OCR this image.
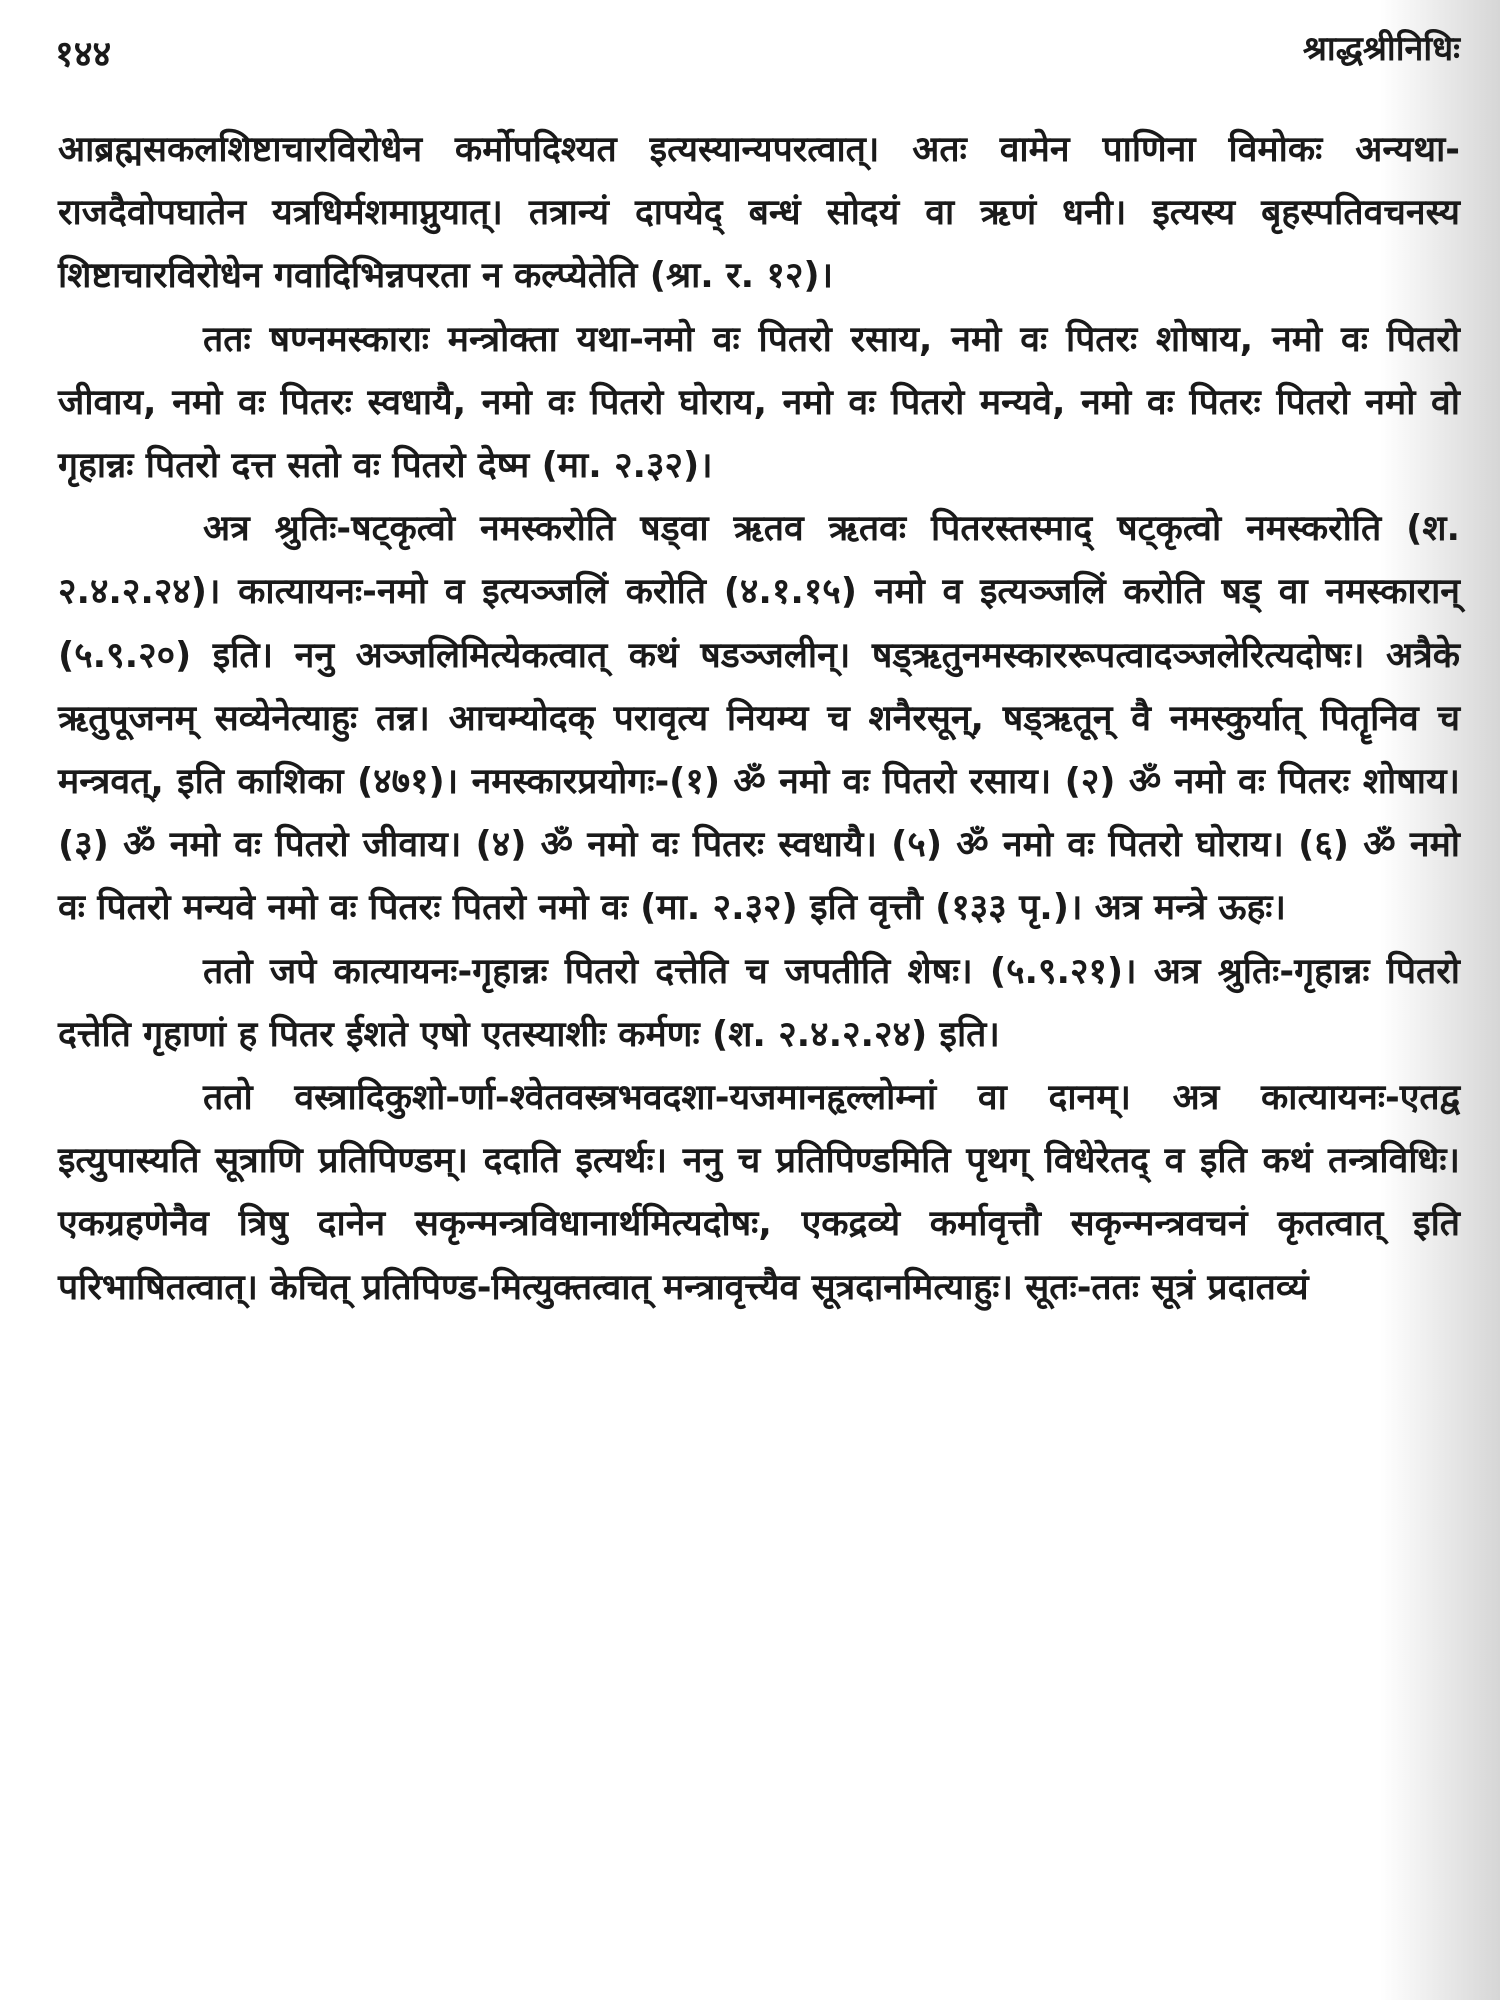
१४४	श्राद्धश्रीनिधिः

आब्रह्मसकलशिष्टाचारविरोधेन कर्मोपदिश्यत इत्यस्यान्यपरत्वात्। अतः वामेन पाणिना विमोकः अन्यथा-राजदैवोपघातेन यत्रधिर्मशमाप्नुयात्। तत्रान्यं दापयेद् बन्धं सोदयं वा ऋणं धनी। इत्यस्य बृहस्पतिवचनस्य शिष्टाचारविरोधेन गवादिभिन्नपरता न कल्प्येतेति (श्रा. र. १२)।

ततः षण्नमस्काराः मन्त्रोक्ता यथा-नमो वः पितरो रसाय, नमो वः पितरः शोषाय, नमो वः पितरो जीवाय, नमो वः पितरः स्वधायै, नमो वः पितरो घोराय, नमो वः पितरो मन्यवे, नमो वः पितरः पितरो नमो वो गृहान्नः पितरो दत्त सतो वः पितरो देष्म (मा. २.३२)।

अत्र श्रुतिः-षट्कृत्वो नमस्करोति षड्वा ऋतव ऋतवः पितरस्तस्माद् षट्कृत्वो नमस्करोति (श. २.४.२.२४)। कात्यायनः-नमो व इत्यञ्जलिं करोति (४.१.१५) नमो व इत्यञ्जलिं करोति षड् वा नमस्कारान् (५.९.२०) इति। ननु अञ्जलिमित्येकत्वात् कथं षडञ्जलीन्। षड्ऋतुनमस्काररूपत्वादञ्जलेरित्यदोषः। अत्रैके ऋतुपूजनम् सव्येनेत्याहुः तन्न। आचम्योदक् परावृत्य नियम्य च शनैरसून्, षड्ऋतून् वै नमस्कुर्यात् पितॄनिव च मन्त्रवत्, इति काशिका (४७१)। नमस्कारप्रयोगः-(१) ॐ नमो वः पितरो रसाय। (२) ॐ नमो वः पितरः शोषाय। (३) ॐ नमो वः पितरो जीवाय। (४) ॐ नमो वः पितरः स्वधायै। (५) ॐ नमो वः पितरो घोराय। (६) ॐ नमो वः पितरो मन्यवे नमो वः पितरः पितरो नमो वः (मा. २.३२) इति वृत्तौ (१३३ पृ.)। अत्र मन्त्रे ऊहः।

ततो जपे कात्यायनः-गृहान्नः पितरो दत्तेति च जपतीति शेषः। (५.९.२१)। अत्र श्रुतिः-गृहान्नः पितरो दत्तेति गृहाणां ह पितर ईशते एषो एतस्याशीः कर्मणः (श. २.४.२.२४) इति।

ततो वस्त्रादिकुशो-र्णा-श्वेतवस्त्रभवदशा-यजमानहृल्लोम्नां वा दानम्। अत्र कात्यायनः-एतद्व इत्युपास्यति सूत्राणि प्रतिपिण्डम्। ददाति इत्यर्थः। ननु च प्रतिपिण्डमिति पृथग् विधेरेतद् व इति कथं तन्त्रविधिः। एकग्रहणेनैव त्रिषु दानेन सकृन्मन्त्रविधानार्थमित्यदोषः, एकद्रव्ये कर्मावृत्तौ सकृन्मन्त्रवचनं कृतत्वात् इति परिभाषितत्वात्। केचित् प्रतिपिण्ड-मित्युक्तत्वात् मन्त्रावृत्त्यैव सूत्रदानमित्याहुः। सूतः-ततः सूत्रं प्रदातव्यं
